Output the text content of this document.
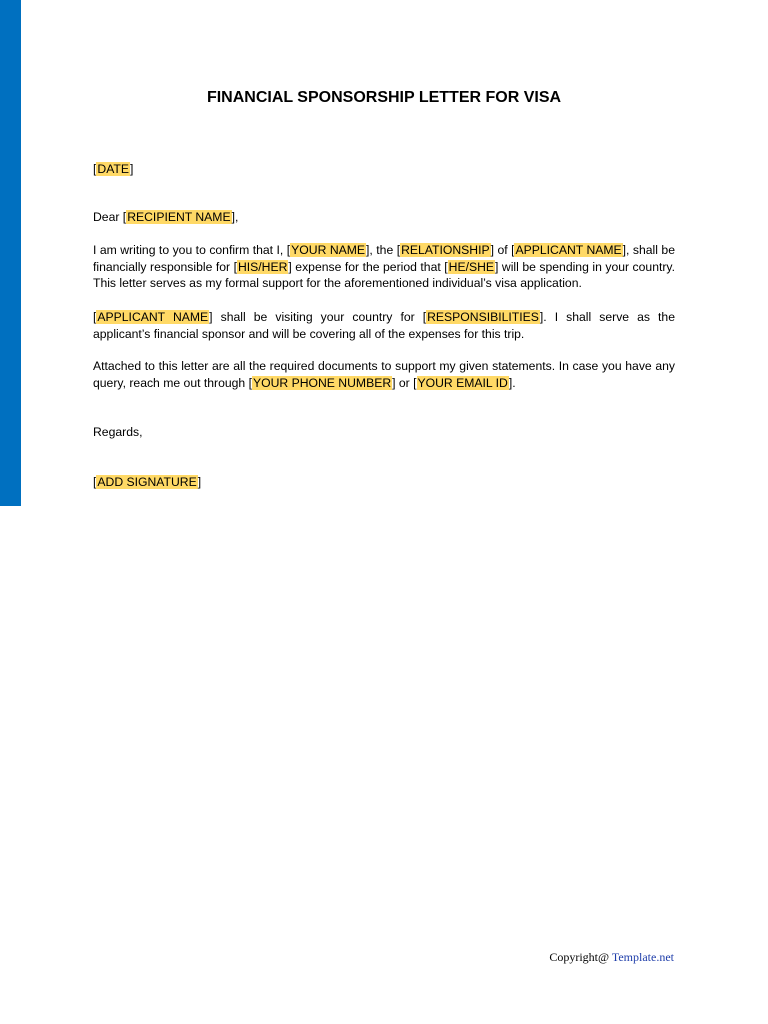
FINANCIAL SPONSORSHIP LETTER FOR VISA
[DATE]
Dear [RECIPIENT NAME],
I am writing to you to confirm that I, [YOUR NAME], the [RELATIONSHIP] of [APPLICANT NAME], shall be financially responsible for [HIS/HER] expense for the period that [HE/SHE] will be spending in your country. This letter serves as my formal support for the aforementioned individual’s visa application.
[APPLICANT NAME] shall be visiting your country for [RESPONSIBILITIES]. I shall serve as the applicant’s financial sponsor and will be covering all of the expenses for this trip.
Attached to this letter are all the required documents to support my given statements. In case you have any query, reach me out through [YOUR PHONE NUMBER] or [YOUR EMAIL ID].
Regards,
[ADD SIGNATURE]
Copyright@ Template.net
